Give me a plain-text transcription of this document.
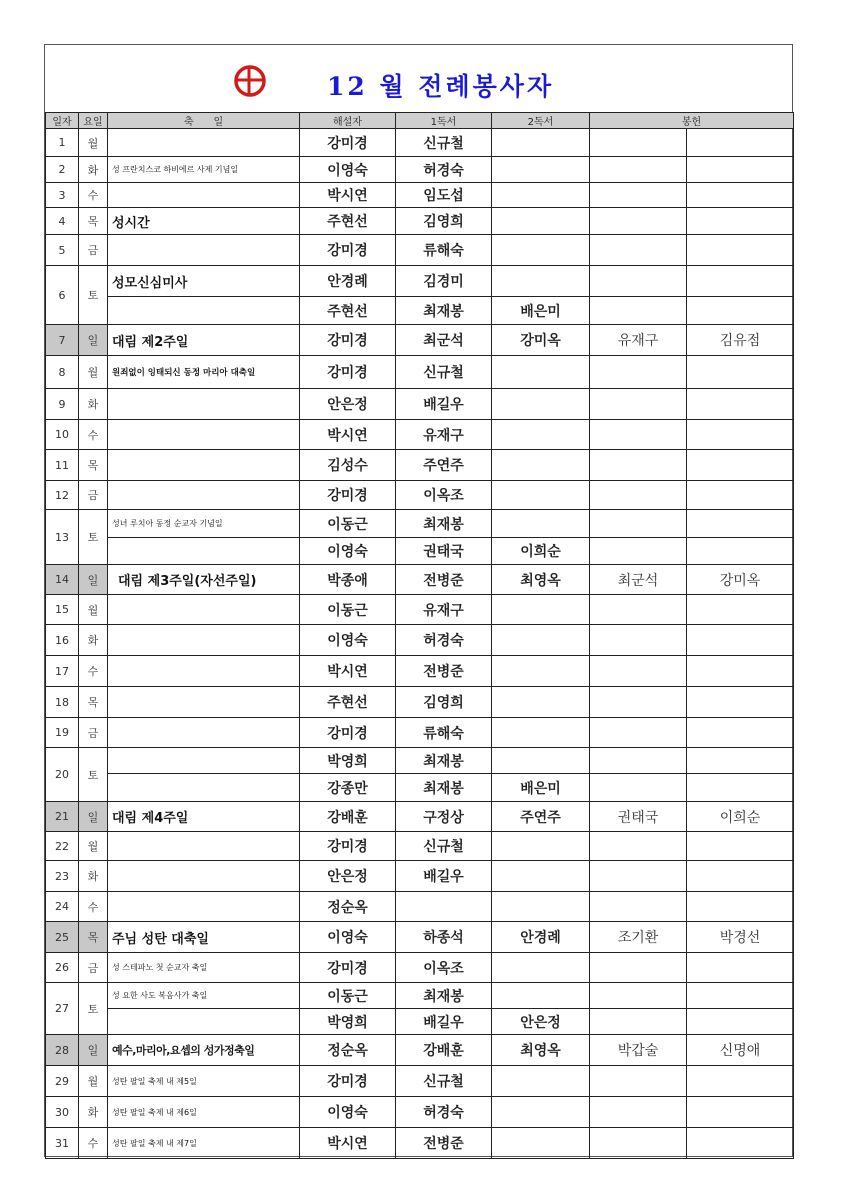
12 월 전례봉사자
일자	요일	축　　일	해설자	1독서	2독서	봉헌	
1	월		강미경	신규철			
2	화	성 프란치스코 하비에르 사제 기념일	이영숙	허경숙			
3	수		박시연	임도섭			
4	목	성시간	주현선	김영희			
5	금		강미경	류해숙			
6	토	성모신심미사	안경례	김경미			
			주현선	최재봉	배은미		
7	일	대림 제2주일	강미경	최군석	강미옥	유재구	김유점
8	월	원죄없이 잉태되신 동정 마리아 대축일	강미경	신규철			
9	화		안은정	배길우			
10	수		박시연	유재구			
11	목		김성수	주연주			
12	금		강미경	이옥조			
13	토	성녀 루치아 동정 순교자 기념일	이동근	최재봉			
			이영숙	권태국	이희순		
14	일	대림 제3주일(자선주일)	박종애	전병준	최영옥	최군석	강미옥
15	월		이동근	유재구			
16	화		이영숙	허경숙			
17	수		박시연	전병준			
18	목		주현선	김영희			
19	금		강미경	류해숙			
20	토		박영희	최재봉			
			강종만	최재봉	배은미		
21	일	대림 제4주일	강배훈	구정상	주연주	권태국	이희순
22	월		강미경	신규철			
23	화		안은정	배길우			
24	수		정순옥				
25	목	주님 성탄 대축일	이영숙	하종석	안경례	조기환	박경선
26	금	성 스테파노 첫 순교자 축일	강미경	이옥조			
27	토	성 요한 사도 복음사가 축일	이동근	최재봉			
			박영희	배길우	안은정		
28	일	예수,마리아,요셉의 성가정축일	정순옥	강배훈	최영옥	박갑술	신명애
29	월	성탄 팔일 축제 내 제5일	강미경	신규철			
30	화	성탄 팔일 축제 내 제6일	이영숙	허경숙			
31	수	성탄 팔일 축제 내 제7일	박시연	전병준			
